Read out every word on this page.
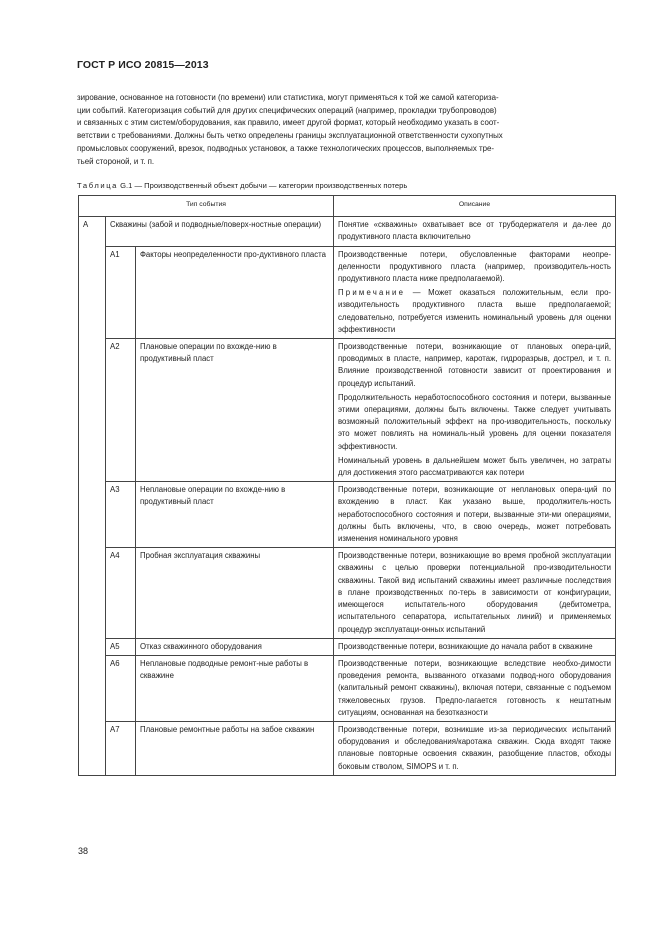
ГОСТ Р ИСО 20815—2013

зирование, основанное на готовности (по времени) или статистика, могут применяться к той же самой категориза-

ции событий. Категоризация событий для других специфических операций (например, прокладки трубопроводов)

и связанных с этим систем/оборудования, как правило, имеет другой формат, который необходимо указать в соот-

ветствии с требованиями. Должны быть четко определены границы эксплуатационной ответственности сухопутных

промысловых сооружений, врезок, подводных установок, а также технологических процессов, выполняемых тре-

тьей стороной, и т. п.

Таблица G.1 — Производственный объект добычи — категории производственных потерь
Тип события			Описание
А	Скважины (забой и подводные/поверх-ностные операции)		Понятие «скважины» охватывает все от трубодержателя и да-лее до продуктивного пласта включительно

	А1	Факторы неопределенности про-дуктивного пласта	Производственные потери, обусловленные факторами неопре-деленности продуктивного пласта (например, производитель-ность продуктивного пласта ниже предполагаемой).

Примечание — Может оказаться положительным, если про-изводительность продуктивного пласта выше предполагаемой; следовательно, потребуется изменить номинальный уровень для оценки эффективности

	А2	Плановые операции по вхожде-нию в продуктивный пласт	Производственные потери, возникающие от плановых опера-ций, проводимых в пласте, например, каротаж, гидроразрыв, дострел, и т. п. Влияние производственной готовности зависит от проектирования и процедур испытаний.

Продолжительность неработоспособного состояния и потери, вызванные этими операциями, должны быть включены. Также следует учитывать возможный положительный эффект на про-изводительность, поскольку это может повлиять на номиналь-ный уровень для оценки показателя эффективности.

Номинальный уровень в дальнейшем может быть увеличен, но затраты для достижения этого рассматриваются как потери

	А3	Неплановые операции по вхожде-нию в продуктивный пласт	Производственные потери, возникающие от неплановых опера-ций по вхождению в пласт. Как указано выше, продолжитель-ность неработоспособного состояния и потери, вызванные эти-ми операциями, должны быть включены, что, в свою очередь, может потребовать изменения номинального уровня

	А4	Пробная эксплуатация скважины	Производственные потери, возникающие во время пробной эксплуатации скважины с целью проверки потенциальной про-изводительности скважины. Такой вид испытаний скважины имеет различные последствия в плане производственных по-терь в зависимости от конфигурации, имеющегося испытатель-ного оборудования (дебитометра, испытательного сепаратора, испытательных линий) и применяемых процедур эксплуатаци-онных испытаний

	А5	Отказ скважинного оборудования	Производственные потери, возникающие до начала работ в скважине

	А6	Неплановые подводные ремонт-ные работы в скважине	Производственные потери, возникающие вследствие необхо-димости проведения ремонта, вызванного отказами подвод-ного оборудования (капитальный ремонт скважины), включая потери, связанные с подъемом тяжеловесных грузов. Предпо-лагается готовность к нештатным ситуациям, основанная на безотказности

	А7	Плановые ремонтные работы на забое скважин	Производственные потери, возникшие из-за периодических испытаний оборудования и обследования/каротажа скважин. Сюда входят также плановые повторные освоения скважин, разобщение пластов, обходы боковым стволом, SIMOPS и т. п.

38
